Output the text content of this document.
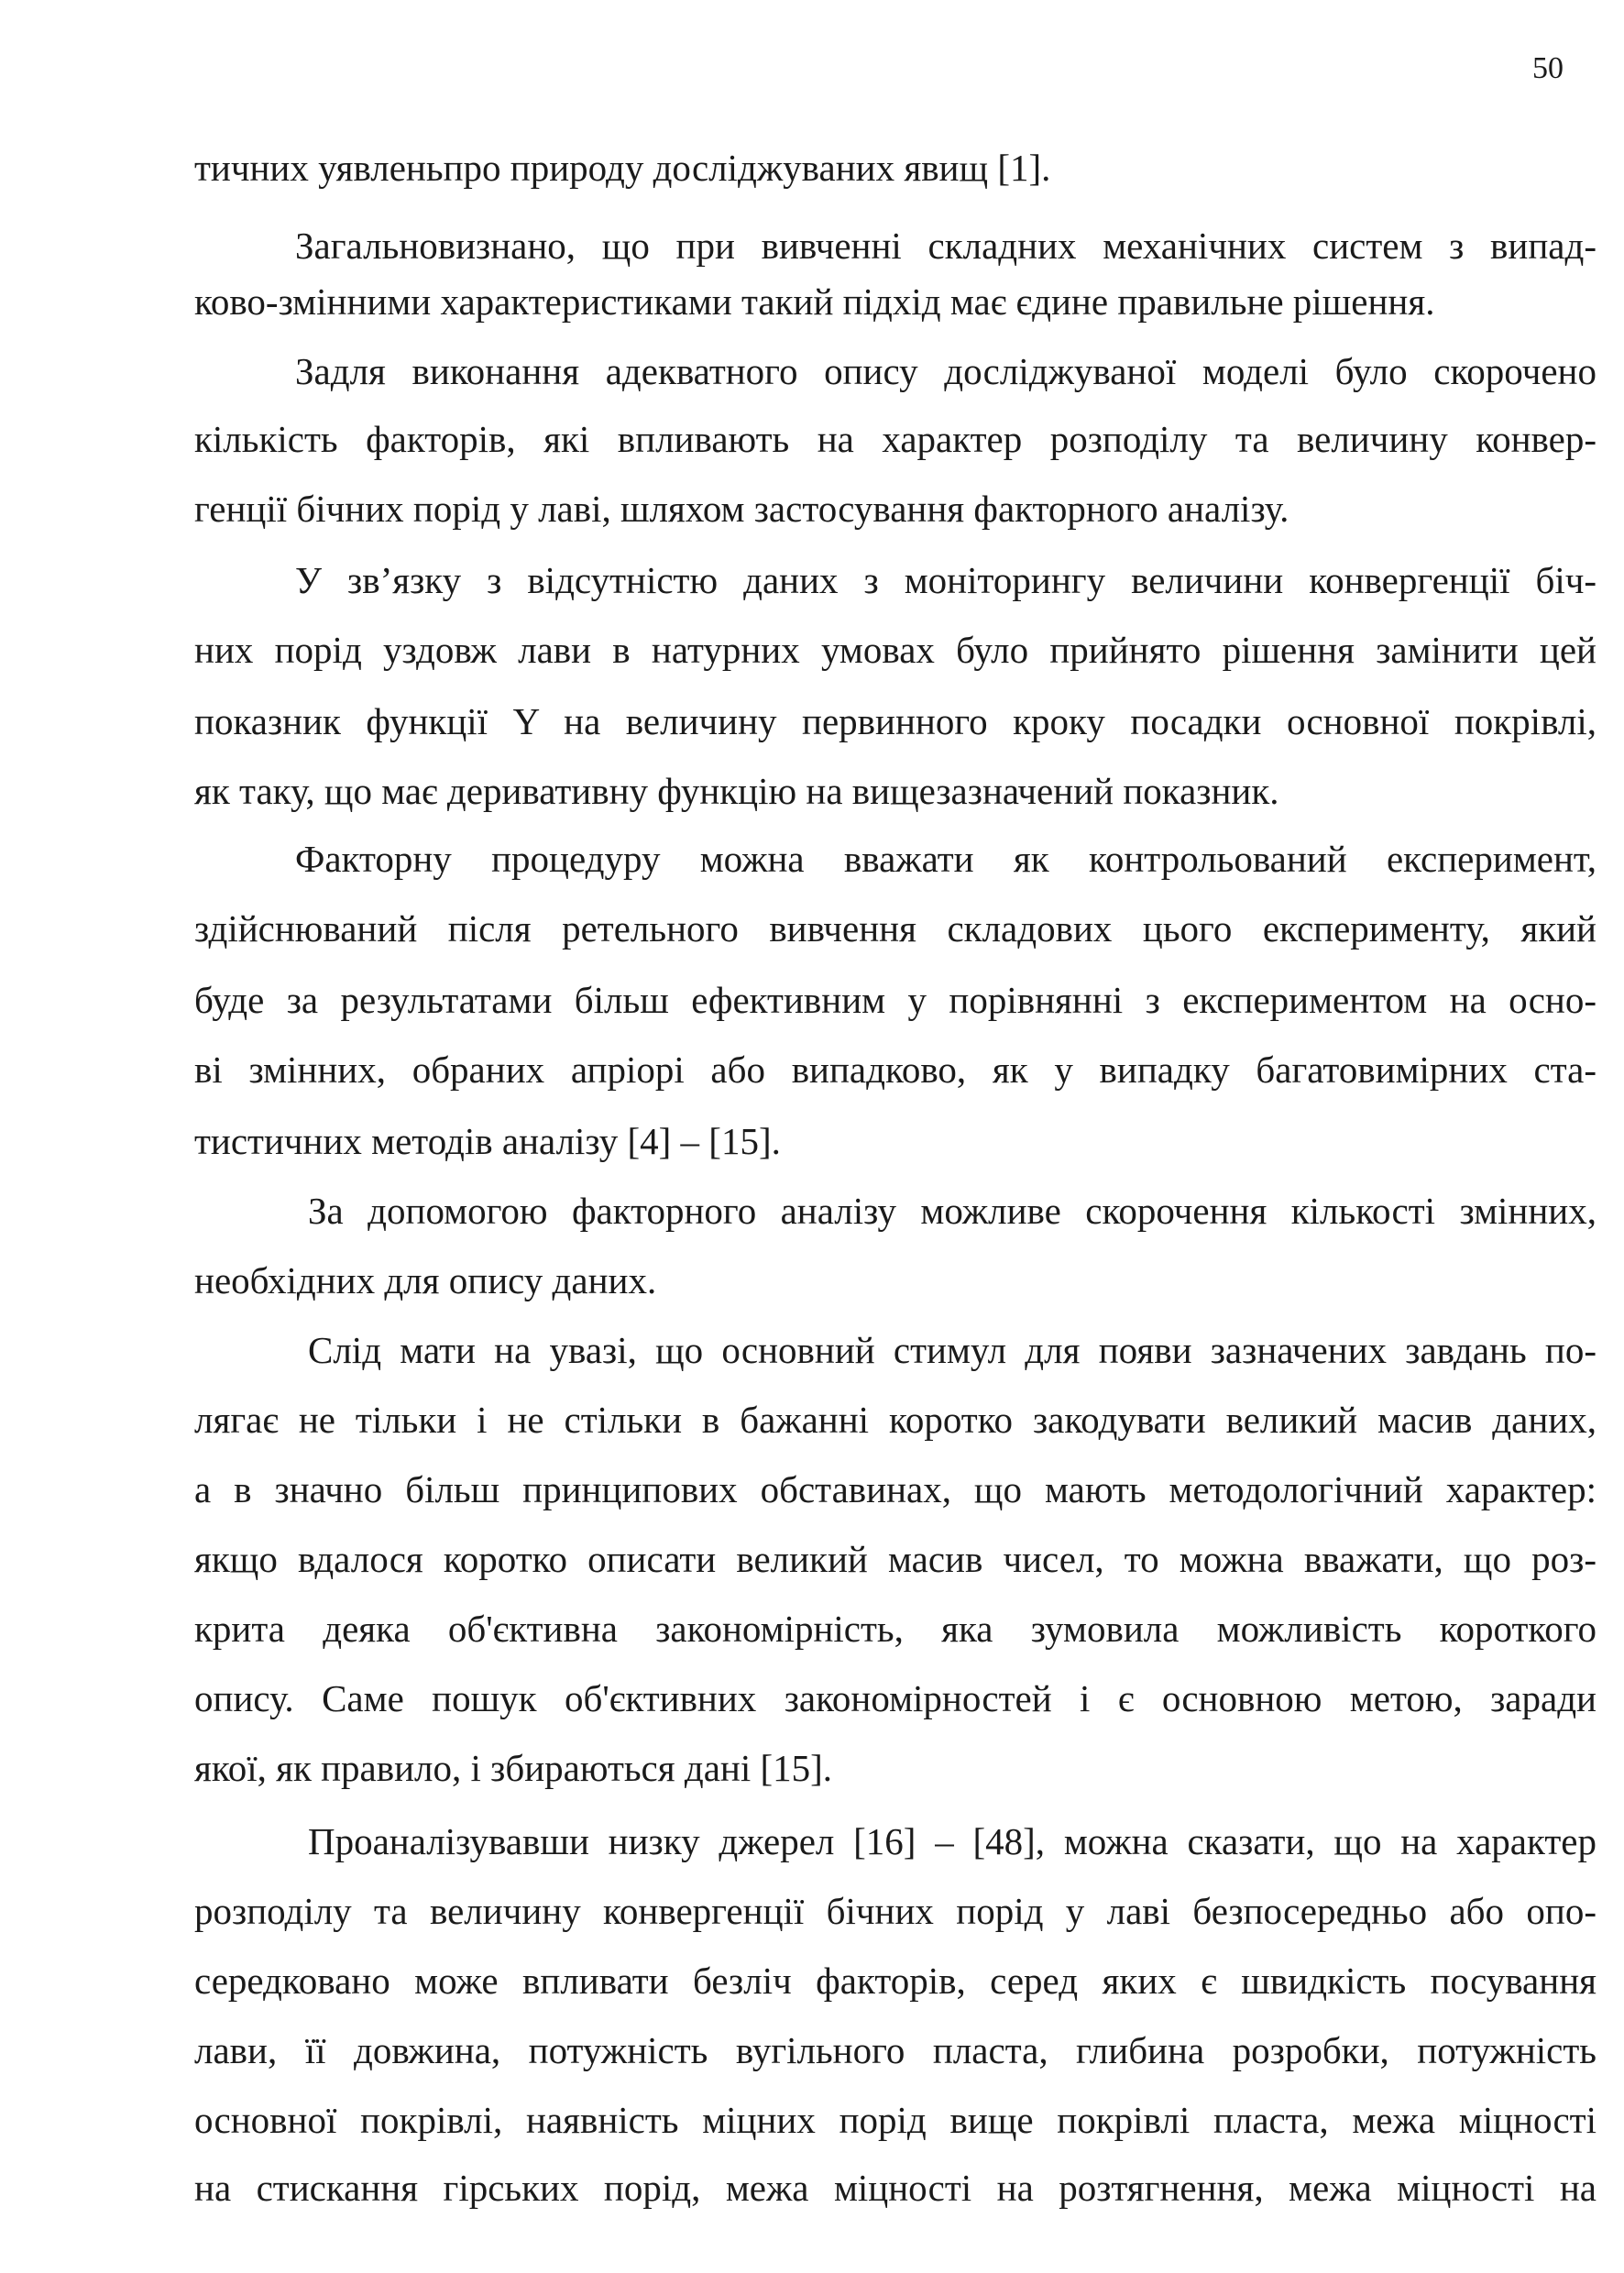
50
тичних уявленьпро природу досліджуваних явищ [1].
Загальновизнано, що при вивченні складних механічних систем з випад-
ково-змінними характеристиками такий підхід має єдине правильне рішення.
Задля виконання адекватного опису досліджуваної моделі було скорочено
кількість факторів, які впливають на характер розподілу та величину конвер-
генції бічних порід у лаві, шляхом застосування факторного аналізу.
У зв’язку з відсутністю даних з моніторингу величини конвергенції біч-
них порід уздовж лави в натурних умовах було прийнято рішення замінити цей
показник функції Y на величину первинного кроку посадки основної покрівлі,
як таку, що має деривативну функцію на вищезазначений показник.
Факторну процедуру можна вважати як контрольований експеримент,
здійснюваний після ретельного вивчення складових цього експерименту, який
буде за результатами більш ефективним у порівнянні з експериментом на осно-
ві змінних, обраних апріорі або випадково, як у випадку багатовимірних ста-
тистичних методів аналізу [4] – [15].
За допомогою факторного аналізу можливе скорочення кількості змінних,
необхідних для опису даних.
Слід мати на увазі, що основний стимул для появи зазначених завдань по-
лягає не тільки і не стільки в бажанні коротко закодувати великий масив даних,
а в значно більш принципових обставинах, що мають методологічний характер:
якщо вдалося коротко описати великий масив чисел, то можна вважати, що роз-
крита деяка об'єктивна закономірність, яка зумовила можливість короткого
опису. Саме пошук об'єктивних закономірностей і є основною метою, заради
якої, як правило, і збираються дані [15].
Проаналізувавши низку джерел [16] – [48], можна сказати, що на характер
розподілу та величину конвергенції бічних порід у лаві безпосередньо або опо-
середковано може впливати безліч факторів, серед яких є швидкість посування
лави, її довжина, потужність вугільного пласта, глибина розробки, потужність
основної покрівлі, наявність міцних порід вище покрівлі пласта, межа міцності
на стискання гірських порід, межа міцності на розтягнення, межа міцності на
